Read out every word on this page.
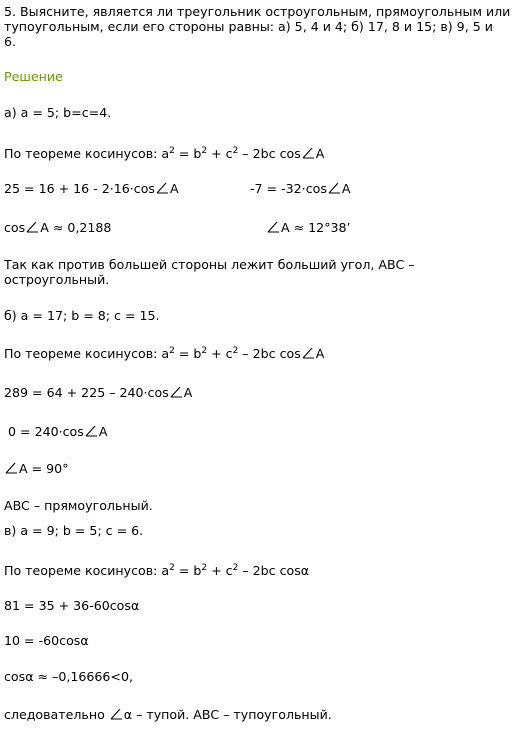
5. Выясните, является ли треугольник остроугольным, прямоугольным или
тупоугольным, если его стороны равны: а) 5, 4 и 4; б) 17, 8 и 15; в) 9, 5 и
6.
Решение
а) a = 5; b=c=4.
По теореме косинусов: $a^2 = b^2 + c^2 - 2bc$ cos A
25 = 16 + 16 - 2·16·cos A	-7 = -32·cos A
cos A ≈ 0,2188	A ≈ 12°38’
Так как против большей стороны лежит больший угол, ABC –
остроугольный.
б) a = 17; b = 8; c = 15.
По теореме косинусов: $a^2 = b^2 + c^2 - 2bc$ cos A
289 = 64 + 225 – 240·cos A
0 = 240·cos A
A = 90°
ABC – прямоугольный.
в) a = 9; b = 5; c = 6.
По теореме косинусов: $a^2 = b^2 + c^2 - 2bc$ cosα
81 = 35 + 36-60cosα
10 = -60cosα
cosα ≈ –0,16666<0,
следовательно
α – тупой. ABC – тупоугольный.
